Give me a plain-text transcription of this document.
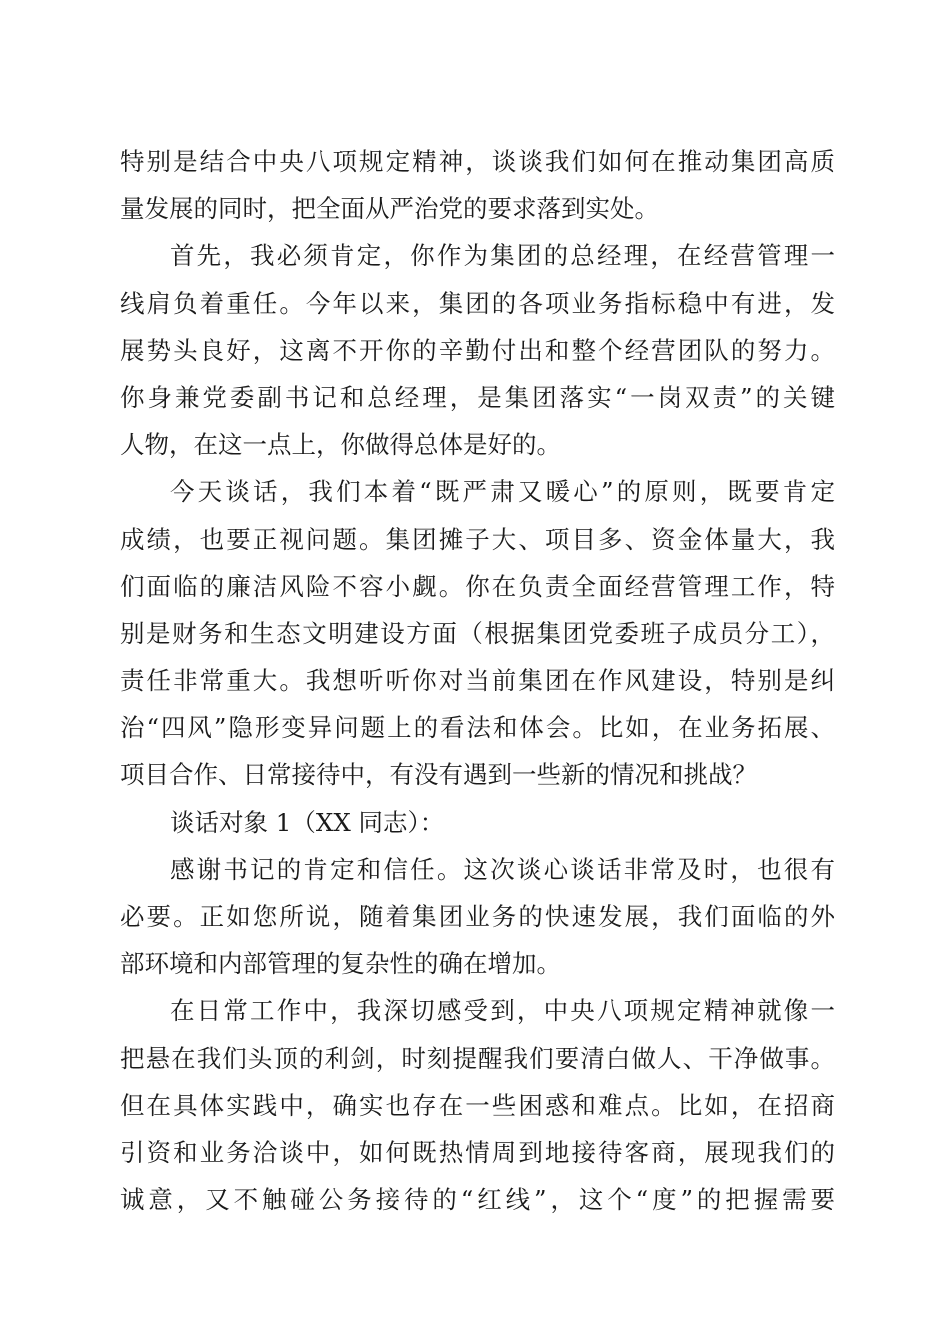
特别是结合中央八项规定精神，谈谈我们如何在推动集团高质
量发展的同时，把全面从严治党的要求落到实处。
首先，我必须肯定，你作为集团的总经理，在经营管理一
线肩负着重任。今年以来，集团的各项业务指标稳中有进，发
展势头良好，这离不开你的辛勤付出和整个经营团队的努力。
你身兼党委副书记和总经理，是集团落实“一岗双责”的关键
人物，在这一点上，你做得总体是好的。
今天谈话，我们本着“既严肃又暖心”的原则，既要肯定
成绩，也要正视问题。集团摊子大、项目多、资金体量大，我
们面临的廉洁风险不容小觑。你在负责全面经营管理工作，特
别是财务和生态文明建设方面（根据集团党委班子成员分工），
责任非常重大。我想听听你对当前集团在作风建设，特别是纠
治“四风”隐形变异问题上的看法和体会。比如，在业务拓展、
项目合作、日常接待中，有没有遇到一些新的情况和挑战？
谈话对象 1（XX 同志）：
感谢书记的肯定和信任。这次谈心谈话非常及时，也很有
必要。正如您所说，随着集团业务的快速发展，我们面临的外
部环境和内部管理的复杂性的确在增加。
在日常工作中，我深切感受到，中央八项规定精神就像一
把悬在我们头顶的利剑，时刻提醒我们要清白做人、干净做事。
但在具体实践中，确实也存在一些困惑和难点。比如，在招商
引资和业务洽谈中，如何既热情周到地接待客商，展现我们的
诚意，又不触碰公务接待的“红线”，这个“度”的把握需要
